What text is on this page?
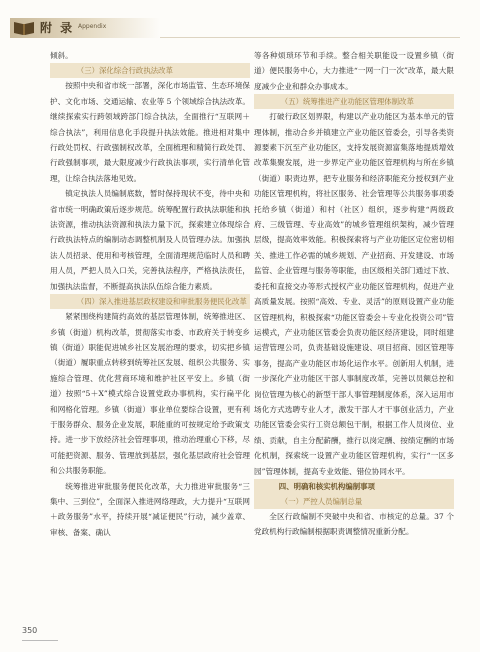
附 录 Appendix

倾斜。

（三）深化综合行政执法改革

按照中央和省市统一部署，深化市场监管、生态环境保护、文化市场、交通运输、农业等 5 个领域综合执法改革。继续探索实行跨领域跨部门综合执法，全面推行“互联网＋综合执法”，利用信息化手段提升执法效能。推进相对集中行政处罚权、行政强制权改革，全面梳理和精简行政处罚、行政强制事项，最大限度减少行政执法事项，实行清单化管理，让综合执法落地见效。

镇定执法人员编制底数，暂时保持现状不变，待中央和省市统一明确政策后逐步规范。统筹配置行政执法职能和执法资源，推动执法资源和执法力量下沉，探索建立体现综合行政执法特点的编制动态调整机制及人员管理办法。加强执法人员招录、使用和考核管理，全面清理规范临时人员和聘用人员，严把人员入口关，完善执法程序，严格执法责任，加强执法监督，不断提高执法队伍综合能力素质。

（四）深入推进基层政权建设和审批服务便民化改革

紧紧围绕构建简约高效的基层管理体制，统筹推进区、乡镇（街道）机构改革，贯彻落实市委、市政府关于转变乡镇（街道）职能促进城乡社区发展治理的要求，切实把乡镇（街道）履职重点转移到统筹社区发展、组织公共服务、实施综合管理、优化营商环境和维护社区平安上。乡镇（街道）按照“5＋X”模式综合设置党政办事机构，实行扁平化和网格化管理。乡镇（街道）事业单位要综合设置，更有利于服务群众、服务企业发展，职能重的可按规定给予政策支持。进一步下放经济社会管理事项，推动治理重心下移，尽可能把资源、服务、管理放到基层，强化基层政府社会管理和公共服务职能。

统筹推进审批服务便民化改革，大力推进审批服务“三集中、三到位”，全面深入推进网络理政，大力提升“互联网＋政务服务”水平，持续开展“减证便民”行动，减少盖章、审核、备案、确认

等各种烦琐环节和手续。整合相关职能设一设置乡镇（街道）便民服务中心，大力推进“一网一门一次”改革，最大限度减少企业和群众办事成本。

（五）统筹推进产业功能区管理体制改革

打破行政区划界限，构建以产业功能区为基本单元的管理体制，推动合乡并镇建立产业功能区管委会，引导各类资源要素下沉至产业功能区，支持发展资源富集落地提质增效改革集聚发展，进一步界定产业功能区管理机构与所在乡镇（街道）职责边界，把专业服务和经济职能充分授权到产业功能区管理机构，将社区服务、社会管理等公共服务事项委托给乡镇（街道）和村（社区）组织，逐步构建“两级政府、三级管理、专业高效”的城乡管理组织架构，减少管理层级，提高效率效能。积极探索将与产业功能区定位密切相关、推进工作必需的城乡规划、产业招商、开发建设、市场监管、企业管理与服务等职能，由区级相关部门通过下放、委托和直接交办等形式授权产业功能区管理机构，促进产业高质量发展。按照“高效、专业、灵活”的原则设置产业功能区管理机构，积极探索“功能区管委会＋专业化投资公司”管运模式，产业功能区管委会负责功能区经济建设，同时组建运营管理公司，负责基础设施建设、项目招商、园区管理等事务，提高产业功能区市场化运作水平。创新用人机制，进一步深化产业功能区干部人事制度改革，完善以员额总控和岗位管理为核心的新型干部人事管理制度体系，深入运用市场化方式选聘专业人才，激发干部人才干事创业活力，产业功能区管委会实行工资总额包干制，根据工作人员岗位、业绩、贡献，自主分配薪酬，推行以岗定酬、按绩定酬的市场化机制，探索统一设置产业功能区管理机构，实行“一区多园”管理体制，提高专业效能、错位协同水平。

四、明确和核实机构编制事项

（一）严控人员编制总量

全区行政编制不突破中央和省、市核定的总量。37 个党政机构行政编制根据职责调整情况重新分配。

350
